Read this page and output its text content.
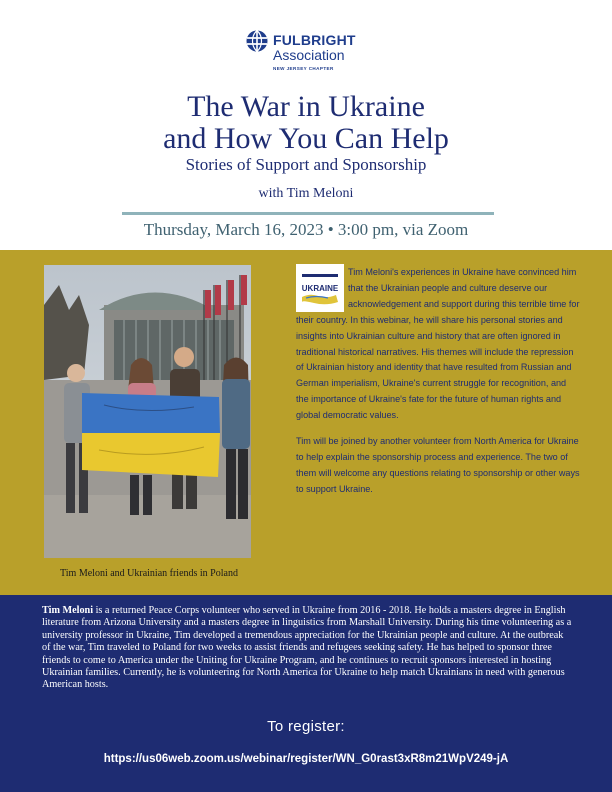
FULBRIGHT
Association
NEW JERSEY CHAPTER
The War in Ukraine
and How You Can Help
Stories of Support and Sponsorship
with Tim Meloni
Thursday, March 16, 2023 • 3:00 pm, via Zoom
Tim Meloni and Ukrainian friends in Poland
UKRAINE

Tim Meloni's experiences in Ukraine have convinced him that the Ukrainian people and culture deserve our acknowledgement and support during this terrible time for their country. In this webinar, he will share his personal stories and insights into Ukrainian culture and history that are often ignored in traditional historical narratives. His themes will include the repression of Ukrainian history and identity that have resulted from Russian and German imperialism, Ukraine's current struggle for recognition, and the importance of Ukraine's fate for the future of human rights and global democratic values.

Tim will be joined by another volunteer from North America for Ukraine to help explain the sponsorship process and experience. The two of them will welcome any questions relating to sponsorship or other ways to support Ukraine.

Tim Meloni is a returned Peace Corps volunteer who served in Ukraine from 2016 - 2018. He holds a masters degree in English literature from Arizona University and a masters degree in linguistics from Marshall University. During his time volunteering as a university professor in Ukraine, Tim developed a tremendous appreciation for the Ukrainian people and culture. At the outbreak of the war, Tim traveled to Poland for two weeks to assist friends and refugees seeking safety. He has helped to sponsor three friends to come to America under the Uniting for Ukraine Program, and he continues to recruit sponsors interested in hosting Ukrainian families. Currently, he is volunteering for North America for Ukraine to help match Ukrainians in need with generous American hosts.
To register:
https://us06web.zoom.us/webinar/register/WN_G0rast3xR8m21WpV249-jA
